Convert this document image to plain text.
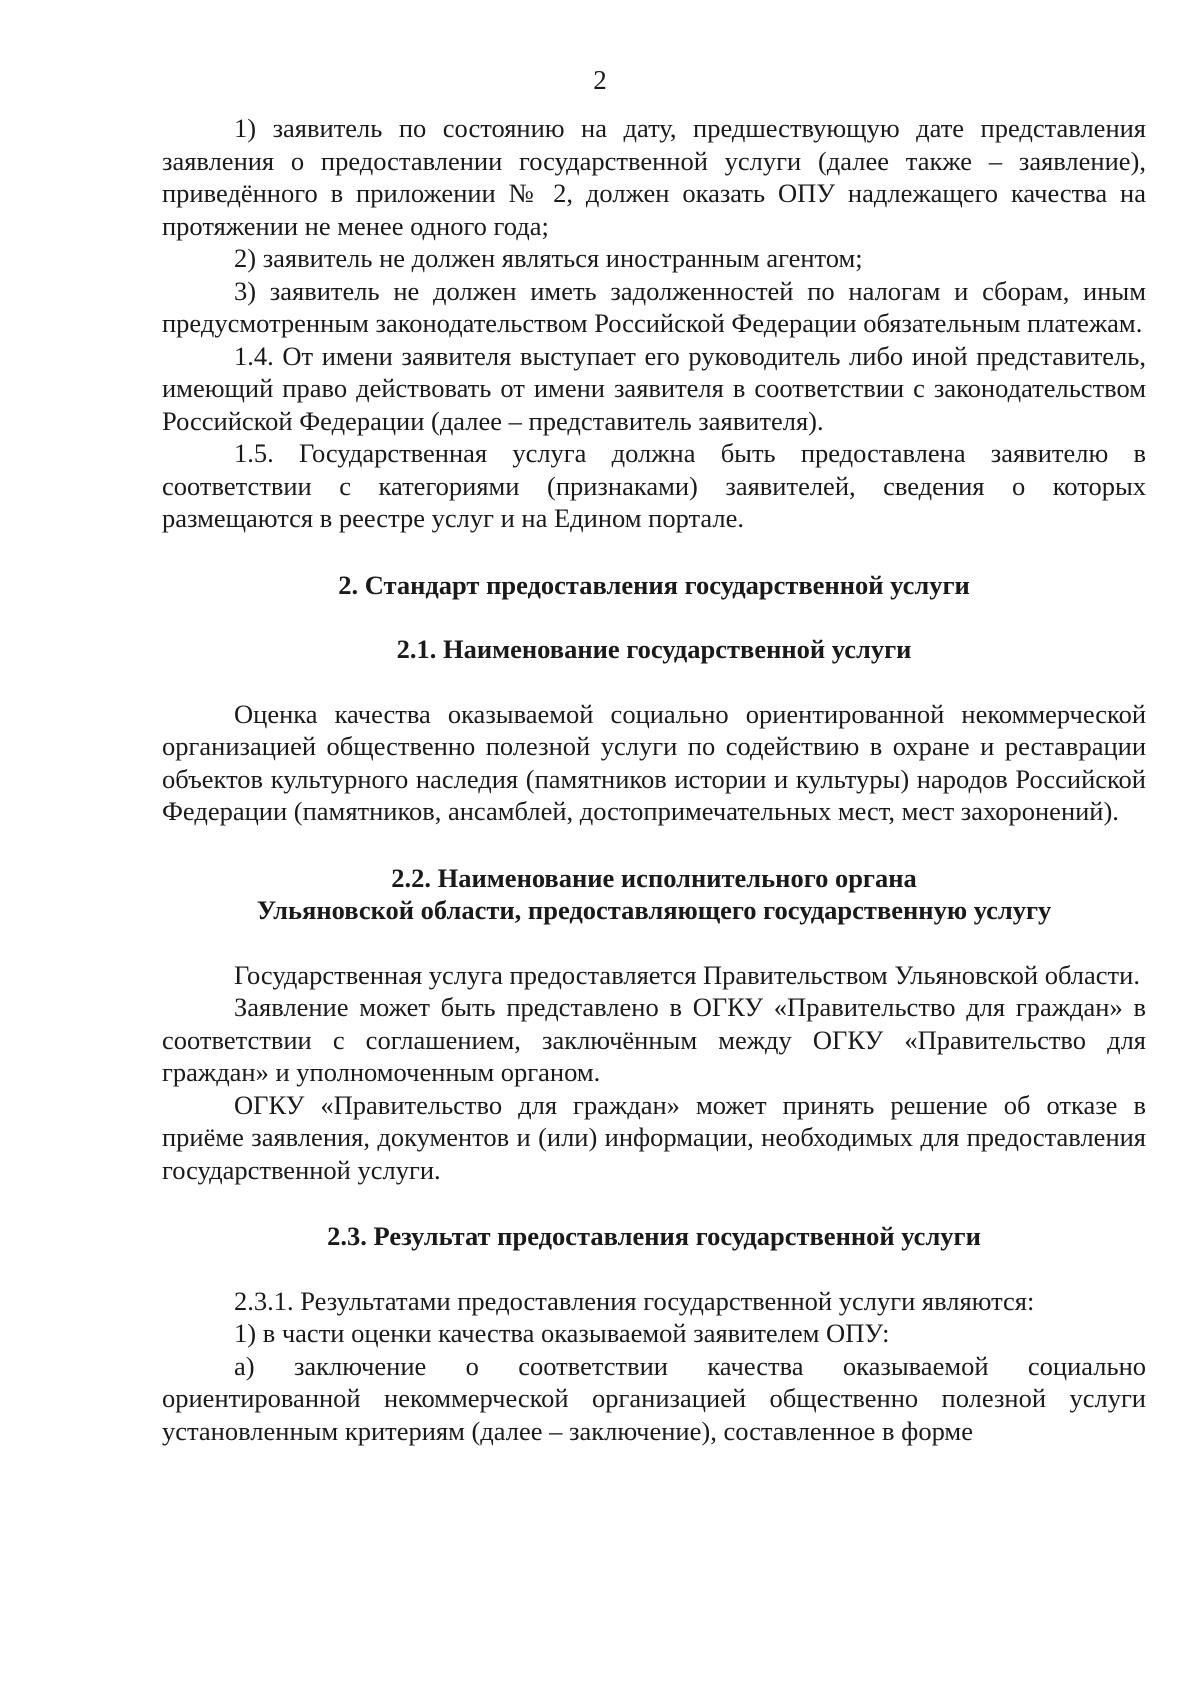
2

1) заявитель по состоянию на дату, предшествующую дате представления заявления о предоставлении государственной услуги (далее также – заявление), приведённого в приложении № 2, должен оказать ОПУ надлежащего качества на протяжении не менее одного года;

2) заявитель не должен являться иностранным агентом;

3) заявитель не должен иметь задолженностей по налогам и сборам, иным предусмотренным законодательством Российской Федерации обязательным платежам.

1.4. От имени заявителя выступает его руководитель либо иной представитель, имеющий право действовать от имени заявителя в соответствии с законодательством Российской Федерации (далее – представитель заявителя).

1.5. Государственная услуга должна быть предоставлена заявителю в соответствии с категориями (признаками) заявителей, сведения о которых размещаются в реестре услуг и на Едином портале.

2. Стандарт предоставления государственной услуги
2.1. Наименование государственной услуги

Оценка качества оказываемой социально ориентированной некоммерческой организацией общественно полезной услуги по содействию в охране и реставрации объектов культурного наследия (памятников истории и культуры) народов Российской Федерации (памятников, ансамблей, достопримечательных мест, мест захоронений).

2.2. Наименование исполнительного органа
Ульяновской области, предоставляющего государственную услугу

Государственная услуга предоставляется Правительством Ульяновской области.

Заявление может быть представлено в ОГКУ «Правительство для граждан» в соответствии с соглашением, заключённым между ОГКУ «Правительство для граждан» и уполномоченным органом.

ОГКУ «Правительство для граждан» может принять решение об отказе в приёме заявления, документов и (или) информации, необходимых для предоставления государственной услуги.

2.3. Результат предоставления государственной услуги

2.3.1. Результатами предоставления государственной услуги являются:

1) в части оценки качества оказываемой заявителем ОПУ:

а) заключение о соответствии качества оказываемой социально ориентированной некоммерческой организацией общественно полезной услуги установленным критериям (далее – заключение), составленное в форме
